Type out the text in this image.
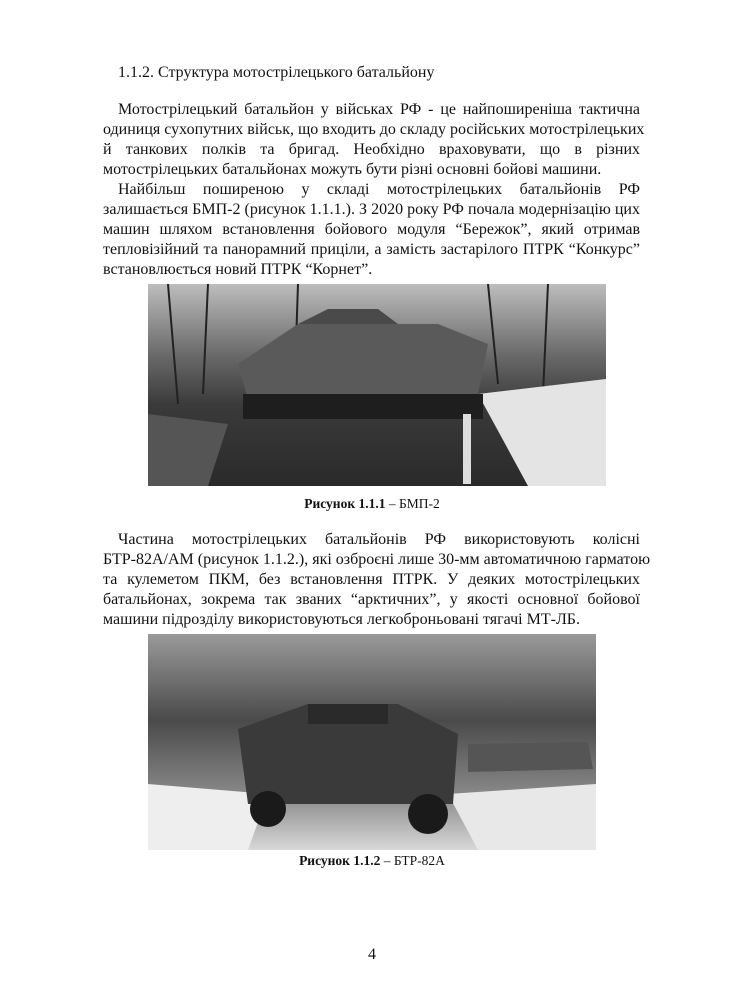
1.1.2. Структура мотострілецького батальйону
Мотострілецький батальйон у військах РФ - це найпоширеніша тактична
одиниця сухопутних військ, що входить до складу російських мотострілецьких
й танкових полків та бригад. Необхідно враховувати, що в різних
мотострілецьких батальйонах можуть бути різні основні бойові машини.
Найбільш поширеною у складі мотострілецьких батальйонів РФ
залишається БМП-2 (рисунок 1.1.1.). З 2020 року РФ почала модернізацію цих
машин шляхом встановлення бойового модуля “Бережок”, який отримав
тепловізійний та панорамний приціли, а замість застарілого ПТРК “Конкурс”
встановлюється новий ПТРК “Корнет”.
Рисунок 1.1.1 – БМП-2
Частина мотострілецьких батальйонів РФ використовують колісні
БТР-82А/АМ (рисунок 1.1.2.), які озброєні лише 30-мм автоматичною гарматою
та кулеметом ПКМ, без встановлення ПТРК. У деяких мотострілецьких
батальйонах, зокрема так званих “арктичних”, у якості основної бойової
машини підрозділу використовуються легкоброньовані тягачі МТ-ЛБ.
Рисунок 1.1.2 – БТР-82А
4
